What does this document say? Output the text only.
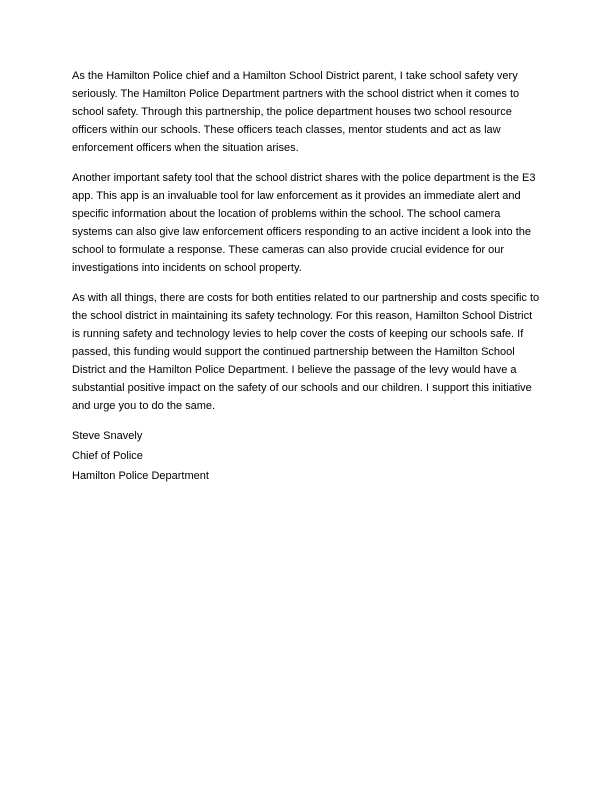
As the Hamilton Police chief and a Hamilton School District parent, I take school safety very seriously. The Hamilton Police Department partners with the school district when it comes to school safety. Through this partnership, the police department houses two school resource officers within our schools. These officers teach classes, mentor students and act as law enforcement officers when the situation arises.

Another important safety tool that the school district shares with the police department is the E3 app. This app is an invaluable tool for law enforcement as it provides an immediate alert and specific information about the location of problems within the school. The school camera systems can also give law enforcement officers responding to an active incident a look into the school to formulate a response. These cameras can also provide crucial evidence for our investigations into incidents on school property.

As with all things, there are costs for both entities related to our partnership and costs specific to the school district in maintaining its safety technology. For this reason, Hamilton School District is running safety and technology levies to help cover the costs of keeping our schools safe. If passed, this funding would support the continued partnership between the Hamilton School District and the Hamilton Police Department. I believe the passage of the levy would have a substantial positive impact on the safety of our schools and our children. I support this initiative and urge you to do the same.

Steve Snavely

Chief of Police

Hamilton Police Department
